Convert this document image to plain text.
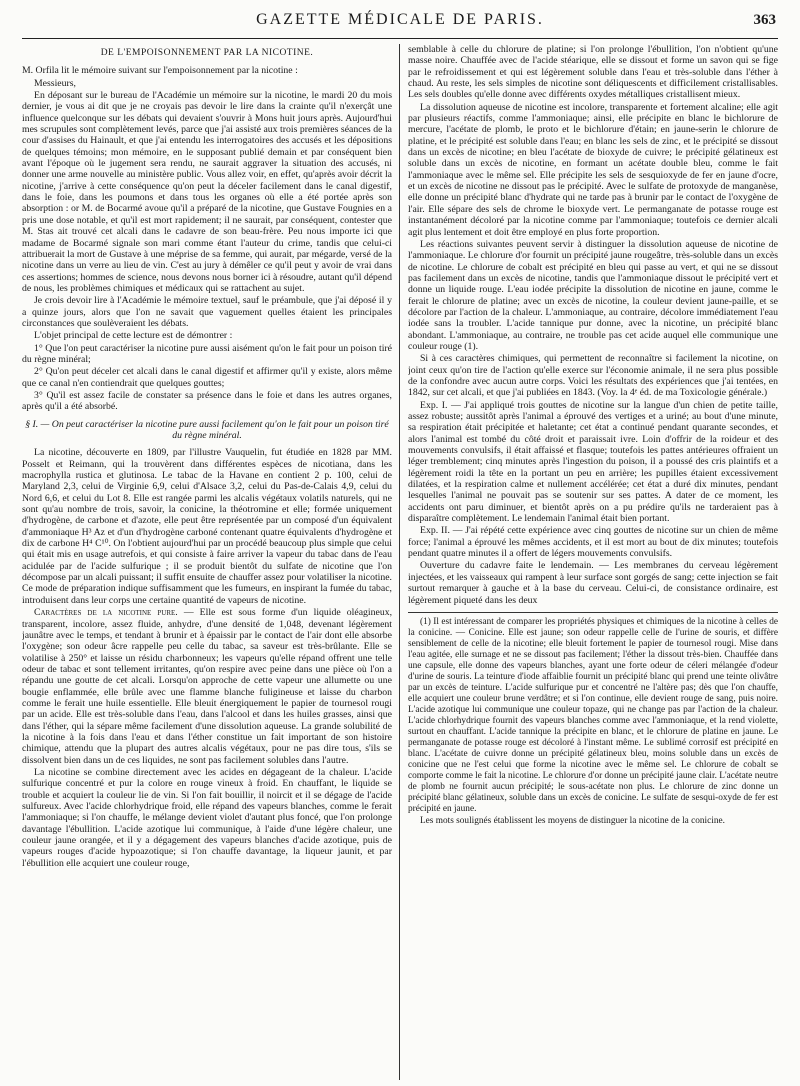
GAZETTE MÉDICALE DE PARIS.	363
DE L'EMPOISONNEMENT PAR LA NICOTINE.

M. Orfila lit le mémoire suivant sur l'empoisonnement par la nicotine :

Messieurs,

En déposant sur le bureau de l'Académie un mémoire sur la nicotine, le mardi 20 du mois dernier, je vous ai dit que je ne croyais pas devoir le lire dans la crainte qu'il n'exerçât une influence quelconque sur les débats qui devaient s'ouvrir à Mons huit jours après. Aujourd'hui mes scrupules sont complètement levés, parce que j'ai assisté aux trois premières séances de la cour d'assises du Hainault, et que j'ai entendu les interrogatoires des accusés et les dépositions de quelques témoins; mon mémoire, en le supposant publié demain et par conséquent bien avant l'époque où le jugement sera rendu, ne saurait aggraver la situation des accusés, ni donner une arme nouvelle au ministère public. Vous allez voir, en effet, qu'après avoir décrit la nicotine, j'arrive à cette conséquence qu'on peut la déceler facilement dans le canal digestif, dans le foie, dans les poumons et dans tous les organes où elle a été portée après son absorption : or M. de Bocarmé avoue qu'il a préparé de la nicotine, que Gustave Fougnies en a pris une dose notable, et qu'il est mort rapidement; il ne saurait, par conséquent, contester que M. Stas ait trouvé cet alcali dans le cadavre de son beau-frère. Peu nous importe ici que madame de Bocarmé signale son mari comme étant l'auteur du crime, tandis que celui-ci attribuerait la mort de Gustave à une méprise de sa femme, qui aurait, par mégarde, versé de la nicotine dans un verre au lieu de vin. C'est au jury à démêler ce qu'il peut y avoir de vrai dans ces assertions; hommes de science, nous devons nous borner ici à résoudre, autant qu'il dépend de nous, les problèmes chimiques et médicaux qui se rattachent au sujet.

Je crois devoir lire à l'Académie le mémoire textuel, sauf le préambule, que j'ai déposé il y a quinze jours, alors que l'on ne savait que vaguement quelles étaient les principales circonstances que soulèveraient les débats.

L'objet principal de cette lecture est de démontrer :

1° Que l'on peut caractériser la nicotine pure aussi aisément qu'on le fait pour un poison tiré du règne minéral;

2° Qu'on peut déceler cet alcali dans le canal digestif et affirmer qu'il y existe, alors même que ce canal n'en contiendrait que quelques gouttes;

3° Qu'il est assez facile de constater sa présence dans le foie et dans les autres organes, après qu'il a été absorbé.

§ I. — On peut caractériser la nicotine pure aussi facilement qu'on le fait pour un poison tiré du règne minéral.

La nicotine, découverte en 1809, par l'illustre Vauquelin, fut étudiée en 1828 par MM. Posselt et Reimann, qui la trouvèrent dans différentes espèces de nicotiana, dans les macrophylla rustica et glutinosa. Le tabac de la Havane en contient 2 p. 100, celui de Maryland 2,3, celui de Virginie 6,9, celui d'Alsace 3,2, celui du Pas-de-Calais 4,9, celui du Nord 6,6, et celui du Lot 8. Elle est rangée parmi les alcalis végétaux volatils naturels, qui ne sont qu'au nombre de trois, savoir, la conicine, la théotromine et elle; formée uniquement d'hydrogène, de carbone et d'azote, elle peut être représentée par un composé d'un équivalent d'ammoniaque H³ Az et d'un d'hydrogène carboné contenant quatre équivalents d'hydrogène et dix de carbone H⁴ C¹⁰. On l'obtient aujourd'hui par un procédé beaucoup plus simple que celui qui était mis en usage autrefois, et qui consiste à faire arriver la vapeur du tabac dans de l'eau acidulée par de l'acide sulfurique ; il se produit bientôt du sulfate de nicotine que l'on décompose par un alcali puissant; il suffit ensuite de chauffer assez pour volatiliser la nicotine. Ce mode de préparation indique suffisamment que les fumeurs, en inspirant la fumée du tabac, introduisent dans leur corps une certaine quantité de vapeurs de nicotine.

Caractères de la nicotine pure. — Elle est sous forme d'un liquide oléagineux, transparent, incolore, assez fluide, anhydre, d'une densité de 1,048, devenant légèrement jaunâtre avec le temps, et tendant à brunir et à épaissir par le contact de l'air dont elle absorbe l'oxygène; son odeur âcre rappelle peu celle du tabac, sa saveur est très-brûlante. Elle se volatilise à 250° et laisse un résidu charbonneux; les vapeurs qu'elle répand offrent une telle odeur de tabac et sont tellement irritantes, qu'on respire avec peine dans une pièce où l'on a répandu une goutte de cet alcali. Lorsqu'on approche de cette vapeur une allumette ou une bougie enflammée, elle brûle avec une flamme blanche fuligineuse et laisse du charbon comme le ferait une huile essentielle. Elle bleuit énergiquement le papier de tournesol rougi par un acide. Elle est très-soluble dans l'eau, dans l'alcool et dans les huiles grasses, ainsi que dans l'éther, qui la sépare même facilement d'une dissolution aqueuse. La grande solubilité de la nicotine à la fois dans l'eau et dans l'éther constitue un fait important de son histoire chimique, attendu que la plupart des autres alcalis végétaux, pour ne pas dire tous, s'ils se dissolvent bien dans un de ces liquides, ne sont pas facilement solubles dans l'autre.

La nicotine se combine directement avec les acides en dégageant de la chaleur. L'acide sulfurique concentré et pur la colore en rouge vineux à froid. En chauffant, le liquide se trouble et acquiert la couleur lie de vin. Si l'on fait bouillir, il noircit et il se dégage de l'acide sulfureux. Avec l'acide chlorhydrique froid, elle répand des vapeurs blanches, comme le ferait l'ammoniaque; si l'on chauffe, le mélange devient violet d'autant plus foncé, que l'on prolonge davantage l'ébullition. L'acide azotique lui communique, à l'aide d'une légère chaleur, une couleur jaune orangée, et il y a dégagement des vapeurs blanches d'acide azotique, puis de vapeurs rouges d'acide hypoazotique; si l'on chauffe davantage, la liqueur jaunit, et par l'ébullition elle acquiert une couleur rouge,

semblable à celle du chlorure de platine; si l'on prolonge l'ébullition, l'on n'obtient qu'une masse noire. Chauffée avec de l'acide stéarique, elle se dissout et forme un savon qui se fige par le refroidissement et qui est légèrement soluble dans l'eau et très-soluble dans l'éther à chaud. Au reste, les sels simples de nicotine sont déliquescents et difficilement cristallisables. Les sels doubles qu'elle donne avec différents oxydes métalliques cristallisent mieux.

La dissolution aqueuse de nicotine est incolore, transparente et fortement alcaline; elle agit par plusieurs réactifs, comme l'ammoniaque; ainsi, elle précipite en blanc le bichlorure de mercure, l'acétate de plomb, le proto et le bichlorure d'étain; en jaune-serin le chlorure de platine, et le précipité est soluble dans l'eau; en blanc les sels de zinc, et le précipité se dissout dans un excès de nicotine; en bleu l'acétate de bioxyde de cuivre; le précipité gélatineux est soluble dans un excès de nicotine, en formant un acétate double bleu, comme le fait l'ammoniaque avec le même sel. Elle précipite les sels de sesquioxyde de fer en jaune d'ocre, et un excès de nicotine ne dissout pas le précipité. Avec le sulfate de protoxyde de manganèse, elle donne un précipité blanc d'hydrate qui ne tarde pas à brunir par le contact de l'oxygène de l'air. Elle sépare des sels de chrome le bioxyde vert. Le permanganate de potasse rouge est instantanément décoloré par la nicotine comme par l'ammoniaque; toutefois ce dernier alcali agit plus lentement et doit être employé en plus forte proportion.

Les réactions suivantes peuvent servir à distinguer la dissolution aqueuse de nicotine de l'ammoniaque. Le chlorure d'or fournit un précipité jaune rougeâtre, très-soluble dans un excès de nicotine. Le chlorure de cobalt est précipité en bleu qui passe au vert, et qui ne se dissout pas facilement dans un excès de nicotine, tandis que l'ammoniaque dissout le précipité vert et donne un liquide rouge. L'eau iodée précipite la dissolution de nicotine en jaune, comme le ferait le chlorure de platine; avec un excès de nicotine, la couleur devient jaune-paille, et se décolore par l'action de la chaleur. L'ammoniaque, au contraire, décolore immédiatement l'eau iodée sans la troubler. L'acide tannique pur donne, avec la nicotine, un précipité blanc abondant. L'ammoniaque, au contraire, ne trouble pas cet acide auquel elle communique une couleur rouge (1).

Si à ces caractères chimiques, qui permettent de reconnaître si facilement la nicotine, on joint ceux qu'on tire de l'action qu'elle exerce sur l'économie animale, il ne sera plus possible de la confondre avec aucun autre corps. Voici les résultats des expériences que j'ai tentées, en 1842, sur cet alcali, et que j'ai publiées en 1843. (Voy. la 4ᵉ éd. de ma Toxicologie générale.)

Exp. I. — J'ai appliqué trois gouttes de nicotine sur la langue d'un chien de petite taille, assez robuste; aussitôt après l'animal a éprouvé des vertiges et a uriné; au bout d'une minute, sa respiration était précipitée et haletante; cet état a continué pendant quarante secondes, et alors l'animal est tombé du côté droit et paraissait ivre. Loin d'offrir de la roideur et des mouvements convulsifs, il était affaissé et flasque; toutefois les pattes antérieures offraient un léger tremblement; cinq minutes après l'ingestion du poison, il a poussé des cris plaintifs et a légèrement roidi la tête en la portant un peu en arrière; les pupilles étaient excessivement dilatées, et la respiration calme et nullement accélérée; cet état a duré dix minutes, pendant lesquelles l'animal ne pouvait pas se soutenir sur ses pattes. A dater de ce moment, les accidents ont paru diminuer, et bientôt après on a pu prédire qu'ils ne tarderaient pas à disparaître complètement. Le lendemain l'animal était bien portant.

Exp. II. — J'ai répété cette expérience avec cinq gouttes de nicotine sur un chien de même force; l'animal a éprouvé les mêmes accidents, et il est mort au bout de dix minutes; toutefois pendant quatre minutes il a offert de légers mouvements convulsifs.

Ouverture du cadavre faite le lendemain. — Les membranes du cerveau légèrement injectées, et les vaisseaux qui rampent à leur surface sont gorgés de sang; cette injection se fait surtout remarquer à gauche et à la base du cerveau. Celui-ci, de consistance ordinaire, est légèrement piqueté dans les deux

(1) Il est intéressant de comparer les propriétés physiques et chimiques de la nicotine à celles de la conicine. — Conicine. Elle est jaune; son odeur rappelle celle de l'urine de souris, et diffère sensiblement de celle de la nicotine; elle bleuit fortement le papier de tournesol rougi. Mise dans l'eau agitée, elle surnage et ne se dissout pas facilement; l'éther la dissout très-bien. Chauffée dans une capsule, elle donne des vapeurs blanches, ayant une forte odeur de céleri mélangée d'odeur d'urine de souris. La teinture d'iode affaiblie fournit un précipité blanc qui prend une teinte olivâtre par un excès de teinture. L'acide sulfurique pur et concentré ne l'altère pas; dès que l'on chauffe, elle acquiert une couleur brune verdâtre; et si l'on continue, elle devient rouge de sang, puis noire. L'acide azotique lui communique une couleur topaze, qui ne change pas par l'action de la chaleur. L'acide chlorhydrique fournit des vapeurs blanches comme avec l'ammoniaque, et la rend violette, surtout en chauffant. L'acide tannique la précipite en blanc, et le chlorure de platine en jaune. Le permanganate de potasse rouge est décoloré à l'instant même. Le sublimé corrosif est précipité en blanc. L'acétate de cuivre donne un précipité gélatineux bleu, moins soluble dans un excès de conicine que ne l'est celui que forme la nicotine avec le même sel. Le chlorure de cobalt se comporte comme le fait la nicotine. Le chlorure d'or donne un précipité jaune clair. L'acétate neutre de plomb ne fournit aucun précipité; le sous-acétate non plus. Le chlorure de zinc donne un précipité blanc gélatineux, soluble dans un excès de conicine. Le sulfate de sesqui-oxyde de fer est précipité en jaune.

Les mots soulignés établissent les moyens de distinguer la nicotine de la conicine.
